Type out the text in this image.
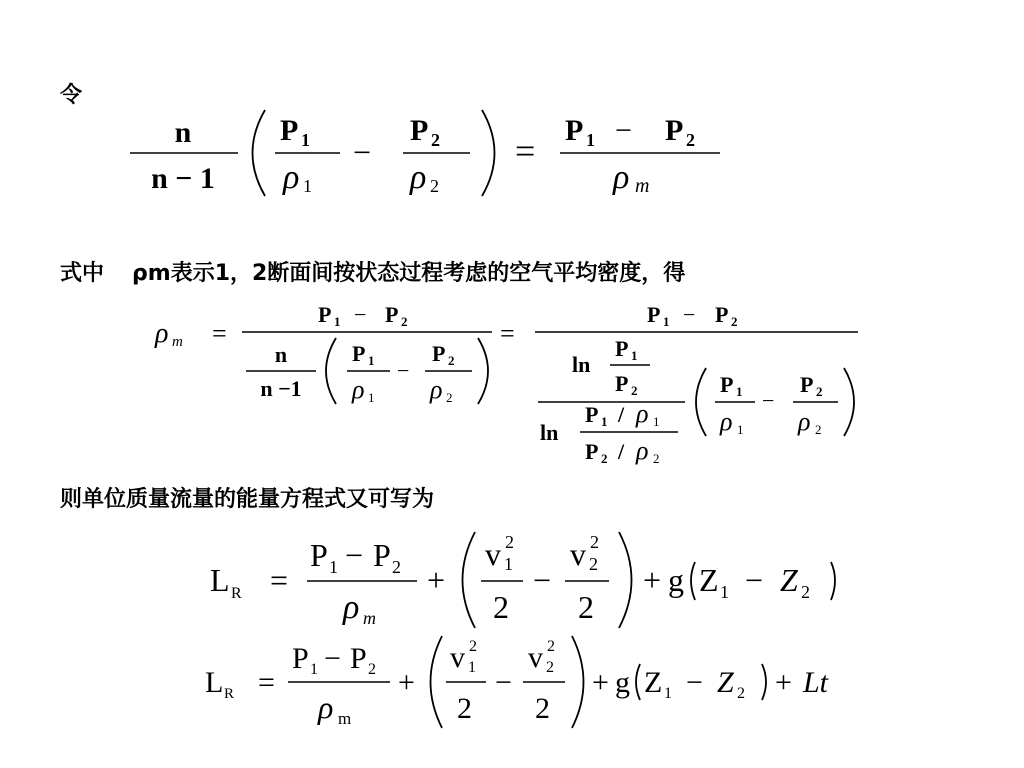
令
n
n − 1
P 1
ρ 1
−
P 2
ρ 2
=
P 1 − P 2
ρ m
式中 ρm表示1，2断面间按状态过程考虑的空气平均密度，得
ρ m =
P 1 − P 2
n
n −1
P 1
ρ 1
−
P 2
ρ 2
=
P 1 − P 2
ln
P 1
P 2
ln
P 1 / ρ 1
P 2 / ρ 2
P 1
ρ 1
−
P 2
ρ 2
则单位质量流量的能量方程式又可写为
L R =
P 1 − P 2
ρ m
+
v 2
1
2
−
v 2
2
2
+ g Z 1 − Z 2
L R =
P 1 − P 2
ρ m
+
v 2
1
2
−
v 2
2
2
+ g Z 1 − Z 2 + Lt
